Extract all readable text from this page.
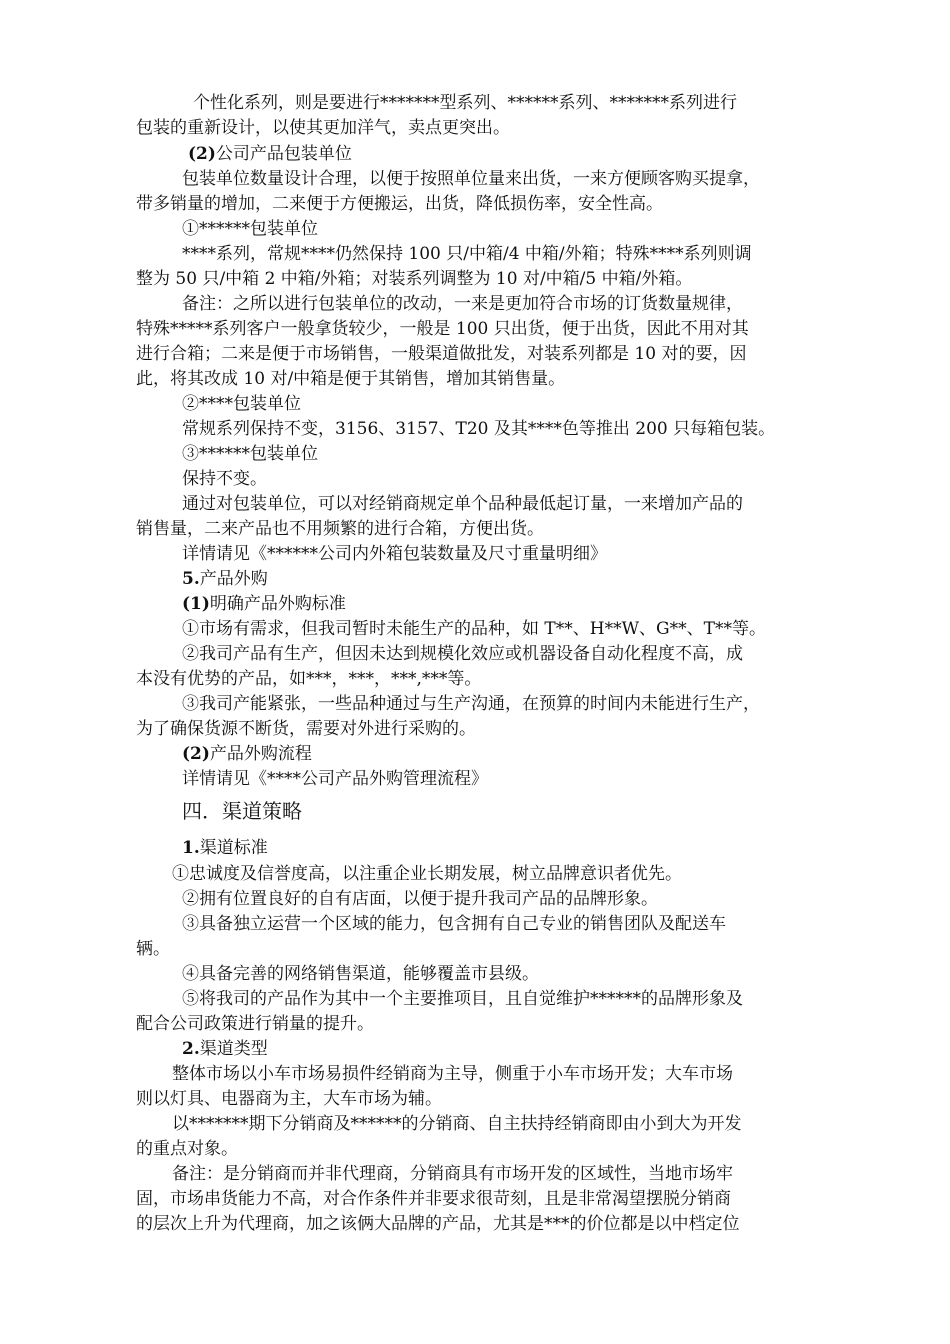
个性化系列，则是要进行*******型系列、******系列、*******系列进行
包装的重新设计，以使其更加洋气，卖点更突出。
(2)公司产品包装单位
包装单位数量设计合理，以便于按照单位量来出货，一来方便顾客购买提拿，
带多销量的增加，二来便于方便搬运，出货，降低损伤率，安全性高。
①******包装单位
****系列，常规****仍然保持 100 只/中箱/4 中箱/外箱；特殊****系列则调
整为 50 只/中箱 2 中箱/外箱；对装系列调整为 10 对/中箱/5 中箱/外箱。
备注：之所以进行包装单位的改动，一来是更加符合市场的订货数量规律，
特殊*****系列客户一般拿货较少，一般是 100 只出货，便于出货，因此不用对其
进行合箱；二来是便于市场销售，一般渠道做批发，对装系列都是 10 对的要，因
此，将其改成 10 对/中箱是便于其销售，增加其销售量。
②****包装单位
常规系列保持不变，3156、3157、T20 及其****色等推出 200 只每箱包装。
③******包装单位
保持不变。
通过对包装单位，可以对经销商规定单个品种最低起订量，一来增加产品的
销售量，二来产品也不用频繁的进行合箱，方便出货。
详情请见《******公司内外箱包装数量及尺寸重量明细》
5.产品外购
(1)明确产品外购标准
①市场有需求，但我司暂时未能生产的品种，如 T**、H**W、G**、T**等。
②我司产品有生产，但因未达到规模化效应或机器设备自动化程度不高，成
本没有优势的产品，如***，***，***,***等。
③我司产能紧张，一些品种通过与生产沟通，在预算的时间内未能进行生产，
为了确保货源不断货，需要对外进行采购的。
(2)产品外购流程
详情请见《****公司产品外购管理流程》
四．渠道策略
1.渠道标准
①忠诚度及信誉度高，以注重企业长期发展，树立品牌意识者优先。
②拥有位置良好的自有店面，以便于提升我司产品的品牌形象。
③具备独立运营一个区域的能力，包含拥有自己专业的销售团队及配送车
辆。
④具备完善的网络销售渠道，能够覆盖市县级。
⑤将我司的产品作为其中一个主要推项目，且自觉维护******的品牌形象及
配合公司政策进行销量的提升。
2.渠道类型
整体市场以小车市场易损件经销商为主导，侧重于小车市场开发；大车市场
则以灯具、电器商为主，大车市场为辅。
以*******期下分销商及******的分销商、自主扶持经销商即由小到大为开发
的重点对象。
备注：是分销商而并非代理商，分销商具有市场开发的区域性，当地市场牢
固，市场串货能力不高，对合作条件并非要求很苛刻，且是非常渴望摆脱分销商
的层次上升为代理商，加之该俩大品牌的产品，尤其是***的价位都是以中档定位
